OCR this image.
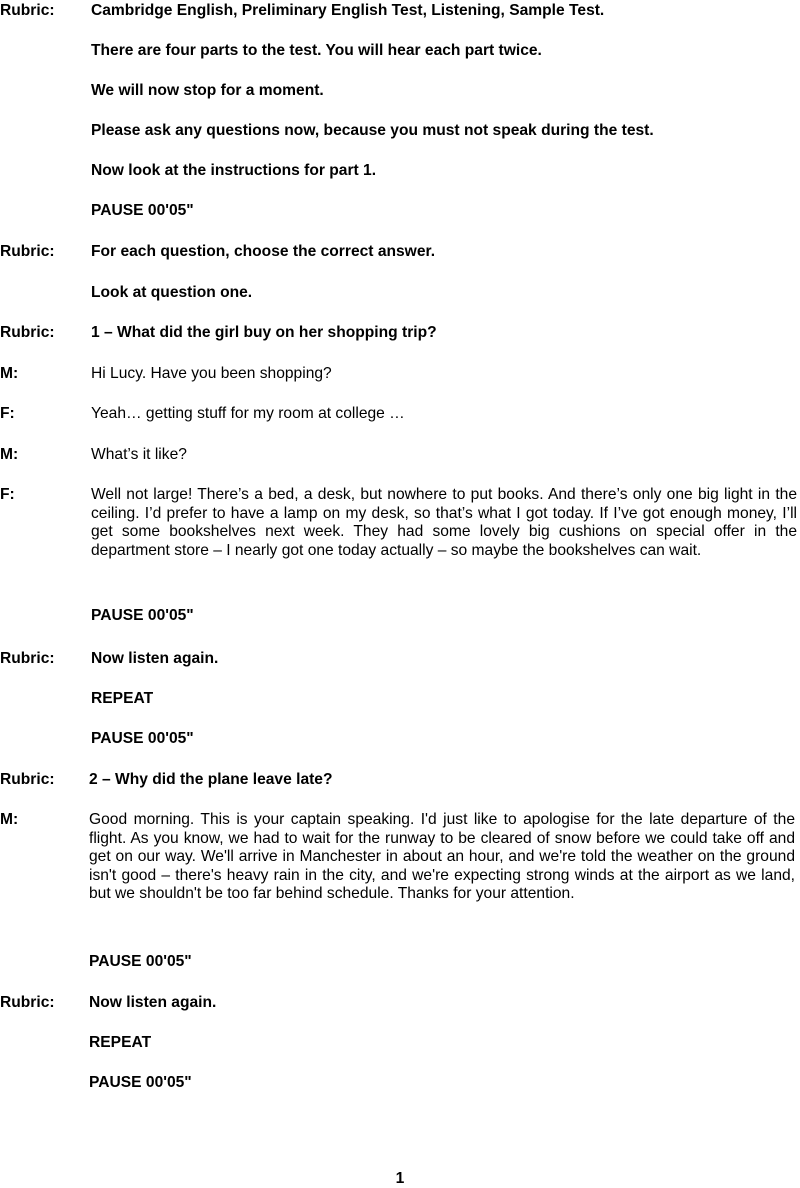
Rubric: Cambridge English, Preliminary English Test, Listening, Sample Test.
There are four parts to the test. You will hear each part twice.
We will now stop for a moment.
Please ask any questions now, because you must not speak during the test.
Now look at the instructions for part 1.
PAUSE 00'05"
Rubric: For each question, choose the correct answer.
Look at question one.
Rubric: 1 – What did the girl buy on her shopping trip?
M:	Hi Lucy. Have you been shopping?
F:	Yeah… getting stuff for my room at college …
M:	What’s it like?
F:	Well not large! There’s a bed, a desk, but nowhere to put books. And there’s only one big light in the ceiling. I’d prefer to have a lamp on my desk, so that’s what I got today. If I’ve got enough money, I’ll get some bookshelves next week. They had some lovely big cushions on special offer in the department store – I nearly got one today actually – so maybe the bookshelves can wait.
PAUSE 00'05"
Rubric: Now listen again.
REPEAT
PAUSE 00'05"
Rubric: 2 – Why did the plane leave late?
M:	Good morning. This is your captain speaking. I'd just like to apologise for the late departure of the flight. As you know, we had to wait for the runway to be cleared of snow before we could take off and get on our way. We'll arrive in Manchester in about an hour, and we're told the weather on the ground isn't good – there's heavy rain in the city, and we're expecting strong winds at the airport as we land, but we shouldn't be too far behind schedule. Thanks for your attention.
PAUSE 00'05"
Rubric: Now listen again.
REPEAT
PAUSE 00'05"
1
